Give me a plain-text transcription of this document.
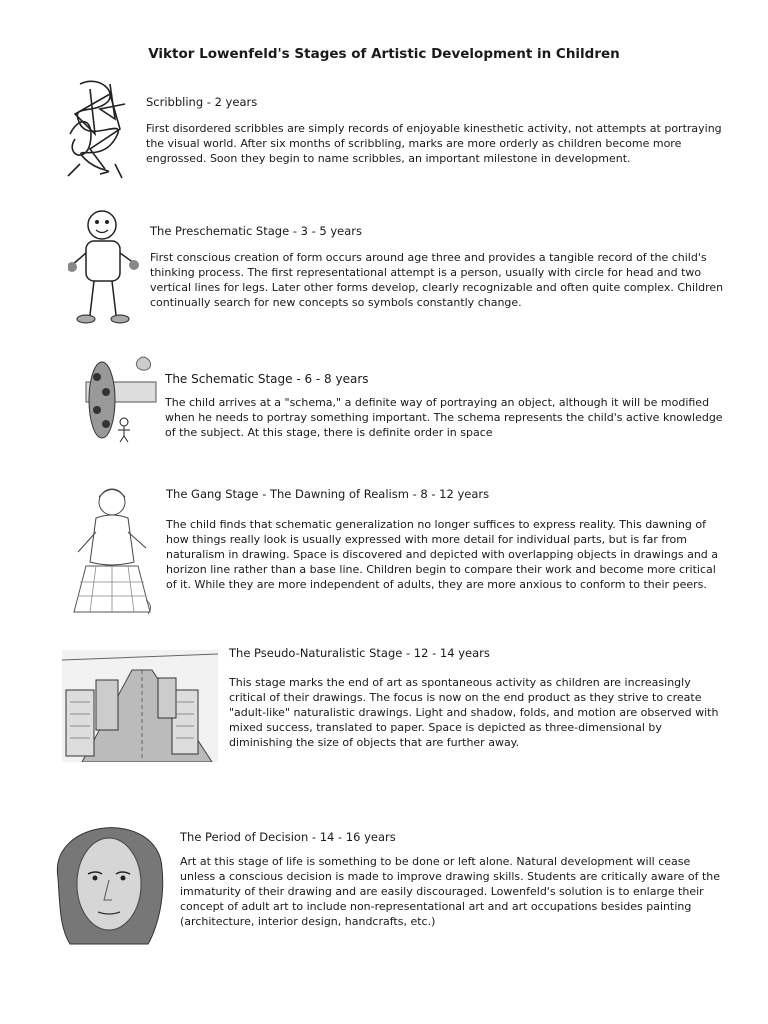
Viktor Lowenfeld's Stages of Artistic Development in Children

Scribbling - 2 years

First disordered scribbles are simply records of enjoyable kinesthetic activity, not attempts at portraying the visual world. After six months of scribbling, marks are more orderly as children become more engrossed. Soon they begin to name scribbles, an important milestone in development.

The Preschematic Stage - 3 - 5 years

First conscious creation of form occurs around age three and provides a tangible record of the child's thinking process. The first representational attempt is a person, usually with circle for head and two vertical lines for legs. Later other forms develop, clearly recognizable and often quite complex. Children continually search for new concepts so symbols constantly change.

The Schematic Stage - 6 - 8 years

The child arrives at a "schema," a definite way of portraying an object, although it will be modified when he needs to portray something important. The schema represents the child's active knowledge of the subject. At this stage, there is definite order in space

The Gang Stage - The Dawning of Realism - 8 - 12 years

The child finds that schematic generalization no longer suffices to express reality. This dawning of how things really look is usually expressed with more detail for individual parts, but is far from naturalism in drawing. Space is discovered and depicted with overlapping objects in drawings and a horizon line rather than a base line. Children begin to compare their work and become more critical of it. While they are more independent of adults, they are more anxious to conform to their peers.

The Pseudo-Naturalistic Stage - 12 - 14 years

This stage marks the end of art as spontaneous activity as children are increasingly critical of their drawings. The focus is now on the end product as they strive to create "adult-like" naturalistic drawings. Light and shadow, folds, and motion are observed with mixed success, translated to paper. Space is depicted as three-dimensional by diminishing the size of objects that are further away.

The Period of Decision - 14 - 16 years

Art at this stage of life is something to be done or left alone. Natural development will cease unless a conscious decision is made to improve drawing skills. Students are critically aware of the immaturity of their drawing and are easily discouraged. Lowenfeld's solution is to enlarge their concept of adult art to include non-representational art and art occupations besides painting (architecture, interior design, handcrafts, etc.)
